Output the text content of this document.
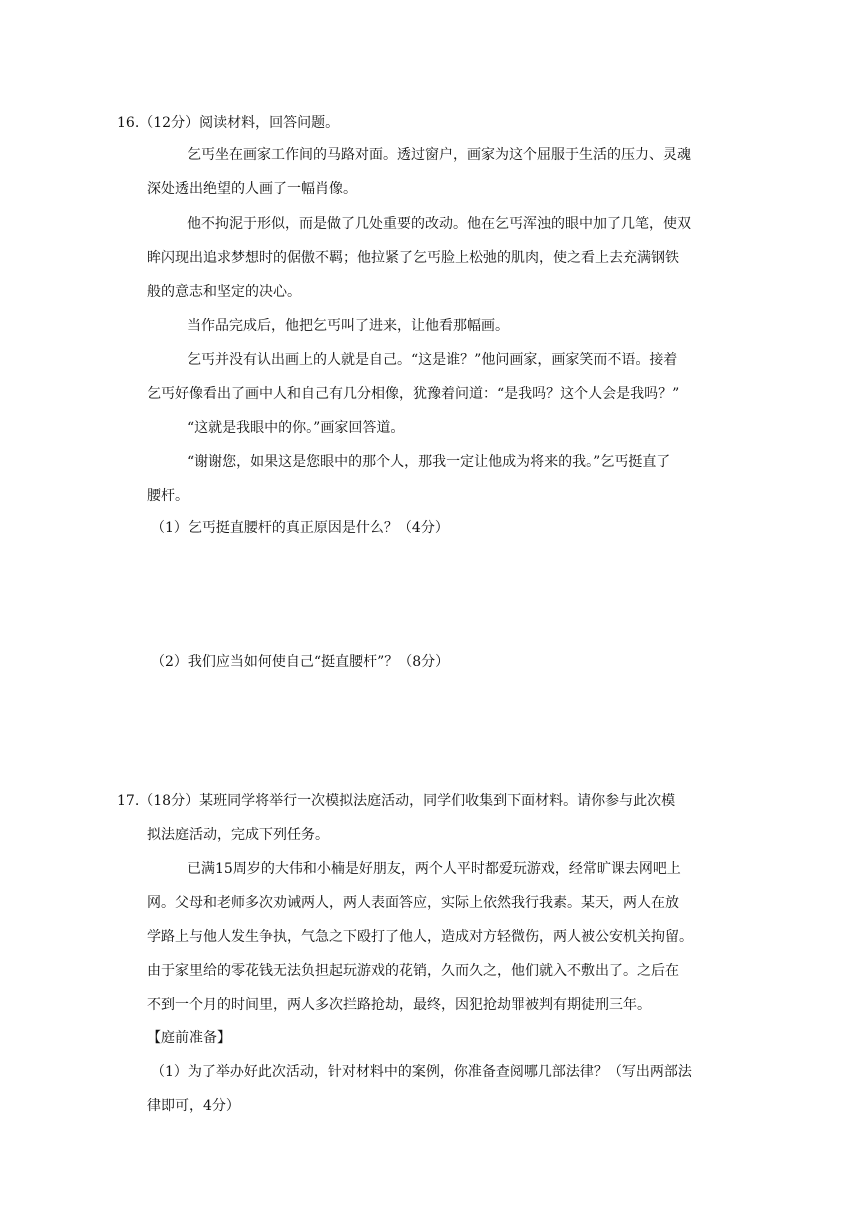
16.（12分）阅读材料，回答问题。
乞丐坐在画家工作间的马路对面。透过窗户，画家为这个屈服于生活的压力、灵魂
深处透出绝望的人画了一幅肖像。
他不拘泥于形似，而是做了几处重要的改动。他在乞丐浑浊的眼中加了几笔，使双
眸闪现出追求梦想时的倨傲不羁；他拉紧了乞丐脸上松弛的肌肉，使之看上去充满钢铁
般的意志和坚定的决心。
当作品完成后，他把乞丐叫了进来，让他看那幅画。
乞丐并没有认出画上的人就是自己。“这是谁？”他问画家，画家笑而不语。接着
乞丐好像看出了画中人和自己有几分相像，犹豫着问道：“是我吗？这个人会是我吗？”
“这就是我眼中的你。”画家回答道。
“谢谢您，如果这是您眼中的那个人，那我一定让他成为将来的我。”乞丐挺直了
腰杆。
（1）乞丐挺直腰杆的真正原因是什么？（4分）
（2）我们应当如何使自己“挺直腰杆”？（8分）
17.（18分）某班同学将举行一次模拟法庭活动，同学们收集到下面材料。请你参与此次模
拟法庭活动，完成下列任务。
已满15周岁的大伟和小楠是好朋友，两个人平时都爱玩游戏，经常旷课去网吧上
网。父母和老师多次劝诫两人，两人表面答应，实际上依然我行我素。某天，两人在放
学路上与他人发生争执，气急之下殴打了他人，造成对方轻微伤，两人被公安机关拘留。
由于家里给的零花钱无法负担起玩游戏的花销，久而久之，他们就入不敷出了。之后在
不到一个月的时间里，两人多次拦路抢劫，最终，因犯抢劫罪被判有期徒刑三年。
【庭前准备】
（1）为了举办好此次活动，针对材料中的案例，你准备查阅哪几部法律？（写出两部法
律即可，4分）
